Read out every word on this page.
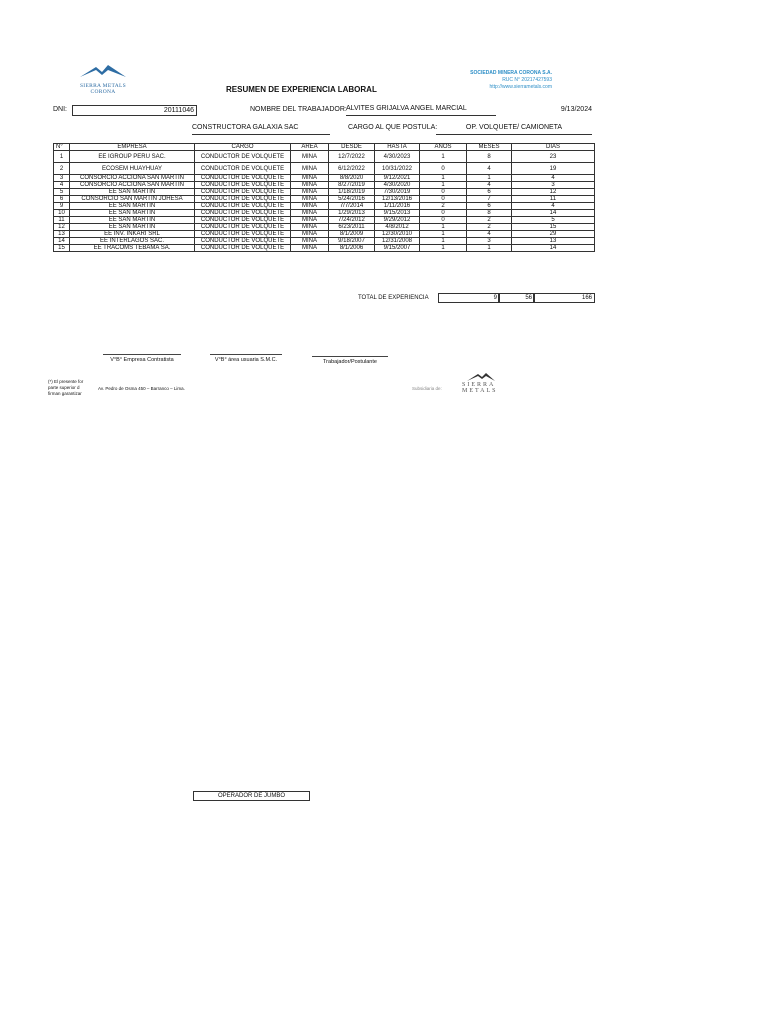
SIERRA METALS
CORONA	RESUMEN DE EXPERIENCIA LABORAL
SOCIEDAD MINERA CORONA S.A.
RUC N° 20217427593
http://www.sierrametals.com
DNI:	20111046	NOMBRE DEL TRABAJADOR: ALVITES GRIJALVA ANGEL MARCIAL	9/13/2024
CONSTRUCTORA GALAXIA SAC	CARGO AL QUE POSTULA:	OP. VOLQUETE/ CAMIONETA
N°	EMPRESA	CARGO	AREA	DESDE	HASTA	AÑOS	MESES	DIAS
1	EE IGROUP PERU SAC.	CONDUCTOR DE VOLQUETE	MINA	12/7/2022	4/30/2023	1	8	23
2	ECOSEM HUAYHUAY	CONDUCTOR DE VOLQUETE	MINA	6/12/2022	10/31/2022	0	4	19
3	CONSORCIO ACCIONA SAN MARTIN	CONDUCTOR DE VOLQUETE	MINA	8/8/2020	9/12/2021	1	1	4
4	CONSORCIO ACCIONA SAN MARTIN	CONDUCTOR DE VOLQUETE	MINA	8/27/2019	4/30/2020	1	4	3
5	EE SAN MARTIN	CONDUCTOR DE VOLQUETE	MINA	1/18/2019	7/30/2019	0	6	12
6	CONSORCIO SAN MARTIN JOHESA	CONDUCTOR DE VOLQUETE	MINA	5/24/2016	12/13/2016	0	7	11
9	EE SAN MARTIN	CONDUCTOR DE VOLQUETE	MINA	7/7/2014	1/11/2016	2	6	4
10	EE SAN MARTIN	CONDUCTOR DE VOLQUETE	MINA	1/29/2013	9/15/2013	0	8	14
11	EE SAN MARTIN	CONDUCTOR DE VOLQUETE	MINA	7/24/2012	9/29/2012	0	2	5
12	EE SAN MARTIN	CONDUCTOR DE VOLQUETE	MINA	6/23/2011	4/8/2012	1	2	15
13	EE INV. INKARI SRL	CONDUCTOR DE VOLQUETE	MINA	8/1/2009	12/30/2010	1	4	29
14	EE INTERLAGOS SAC.	CONDUCTOR DE VOLQUETE	MINA	9/18/2007	12/31/2008	1	3	13
15	EE TRACOMS TEBAMA SA.	CONDUCTOR DE VOLQUETE	MINA	8/1/2006	9/15/2007	1	1	14
TOTAL DE EXPERIENCIA	9	56	166
V°B° Empresa Contratista	V°B° área usuaria S.M.C.	Trabajador/Postulante
(*) El presente for
parte superior d
firman garantizar
Av. Pedro de Osma 450 – Barranco – Lima.	Subsidiaria de:
SIERRA
METALS
OPERADOR DE JUMBO
